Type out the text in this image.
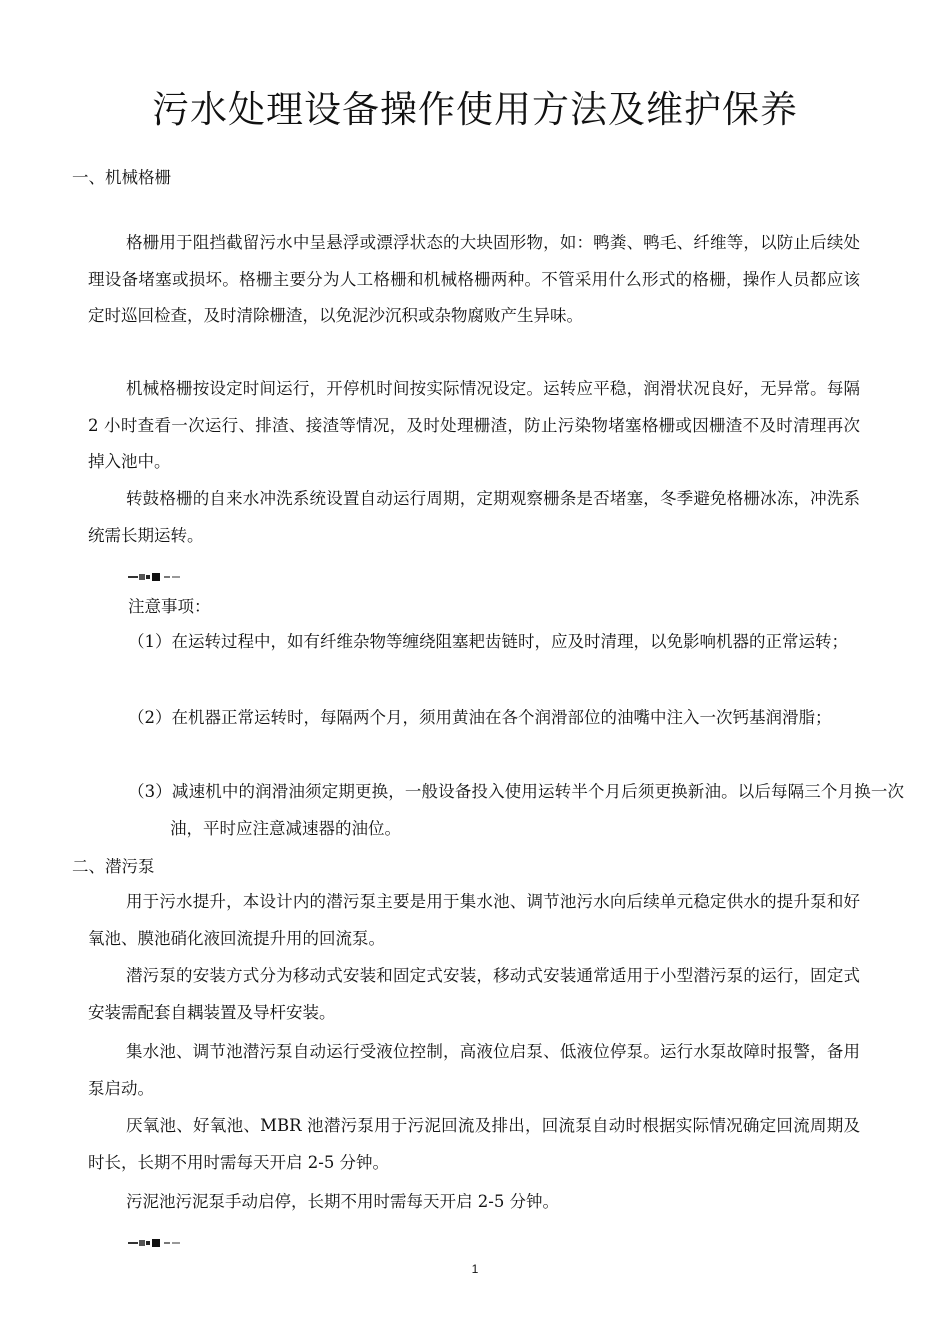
污水处理设备操作使用方法及维护保养

一、机械格栅

格栅用于阻挡截留污水中呈悬浮或漂浮状态的大块固形物，如：鸭粪、鸭毛、纤维等，以防止后续处理设备堵塞或损坏。格栅主要分为人工格栅和机械格栅两种。不管采用什么形式的格栅，操作人员都应该定时巡回检查，及时清除栅渣，以免泥沙沉积或杂物腐败产生异味。

机械格栅按设定时间运行，开停机时间按实际情况设定。运转应平稳，润滑状况良好，无异常。每隔 2 小时查看一次运行、排渣、接渣等情况，及时处理栅渣，防止污染物堵塞格栅或因栅渣不及时清理再次掉入池中。

转鼓格栅的自来水冲洗系统设置自动运行周期，定期观察栅条是否堵塞，冬季避免格栅冰冻，冲洗系统需长期运转。

注意事项：

（1）在运转过程中，如有纤维杂物等缠绕阻塞耙齿链时，应及时清理，以免影响机器的正常运转；

（2）在机器正常运转时，每隔两个月，须用黄油在各个润滑部位的油嘴中注入一次钙基润滑脂；

（3）减速机中的润滑油须定期更换，一般设备投入使用运转半个月后须更换新油。以后每隔三个月换一次油，平时应注意减速器的油位。

二、潜污泵

用于污水提升，本设计内的潜污泵主要是用于集水池、调节池污水向后续单元稳定供水的提升泵和好氧池、膜池硝化液回流提升用的回流泵。

潜污泵的安装方式分为移动式安装和固定式安装，移动式安装通常适用于小型潜污泵的运行，固定式安装需配套自耦装置及导杆安装。

集水池、调节池潜污泵自动运行受液位控制，高液位启泵、低液位停泵。运行水泵故障时报警，备用泵启动。

厌氧池、好氧池、MBR 池潜污泵用于污泥回流及排出，回流泵自动时根据实际情况确定回流周期及时长，长期不用时需每天开启 2-5 分钟。

污泥池污泥泵手动启停，长期不用时需每天开启 2-5 分钟。

1
